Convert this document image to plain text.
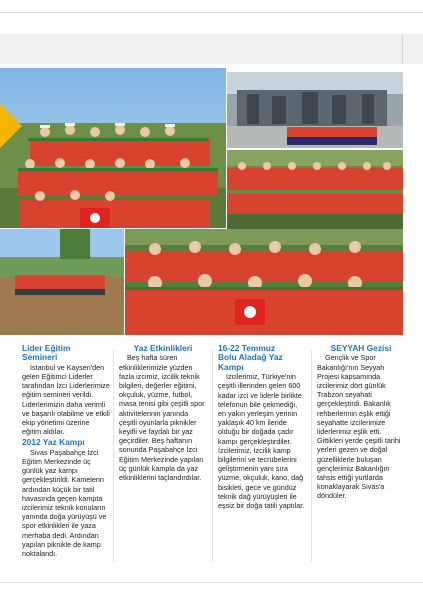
Lider Eğitim
Semineri

İstanbul ve Kayseri'den gelen Eğitimci Liderler tarafından İzci Liderlerimize eğitim semineri verildi. Liderlerimizin daha verimli ve başarılı olabilme ve etkili ekip yönetimi üzerine eğitim aldılar.

2012 Yaz Kampı

Sivas Paşabahçe İzci Eğitim Merkezinde üç günlük yaz kampı gerçekleştirildi. Kamelerin ardından küçük bir tatil havasında geçen kampta izcilerimiz teknik konuların yanında doğa yürüyüşü ve spor etkinlikleri ile yaza merhaba dedi. Ardından yapılan piknikle de kamp noktalandı.

Yaz Etkinlikleri

Beş hafta süren etkinliklerimizle yüzden fazla izcimiz, izcilik teknik bilgileri, değerler eğitimi, okçuluk, yüzme, futbol, masa tenisi gibi çeşitli spor aktivitelerinin yanında çeşitli oyunlarla piknikler keyifli ve faydalı bir yaz geçirdiler. Beş haftanın sonunda Paşabahçe İzci Eğitim Merkezinde yapılan üç günlük kampla da yaz etkinliklerini taçlandırdılar.

16-22 Temmuz
Bolu Aladağ Yaz
Kampı

İzcilerimiz, Türkiye'nin çeşitli illerinden gelen 600 kadar izci ve liderle birlikte telefonun bile çekmediği, en yakın yerleşim yerinin yaklaşık 40 km ileride olduğu bir doğada çadır kampı gerçekleştirdiler. İzcilerimiz, İzcilik kamp bilgilerini ve tecrübelerini geliştirmenin yanı sıra yüzme, okçuluk, kano, dağ bisikleti, gece ve gündüz teknik dağ yürüyüşleri ile eşsiz bir doğa tatili yaptılar.

SEYYAH Gezisi

Gençlik ve Spor Bakanlığı'nın Seyyah Projesi kapsamında izcilerimiz dört günlük Trabzon seyahati gerçekleştirdi. Bakanlık rehberlerinin eşlik ettiği seyahatte izcilerimize liderlerimiz eşlik etti. Gittikleri yerde çeşitli tarihi yerleri gezen ve doğal güzelliklerle buluşan gençlerimiz Bakanlığın tahsis ettiği yurtlarda konaklayarak Sivas'a döndüler.
